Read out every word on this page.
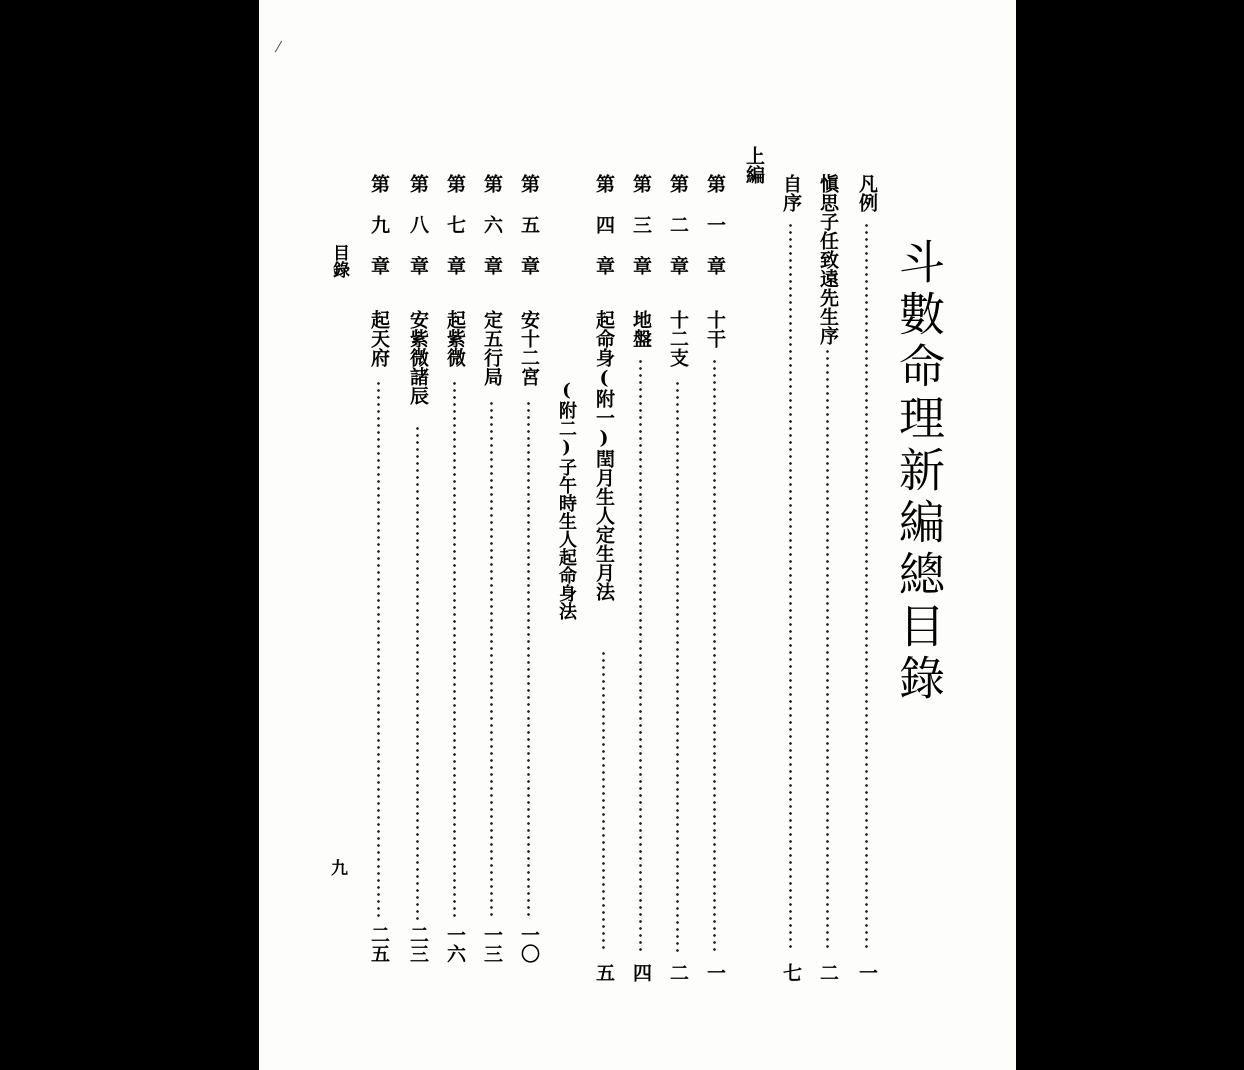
斗數命理新編總目錄
凡例
一
愼思子任致遠先生序
二
自序
七
上編
第一章
十干
一
第二章
十二支
二
第三章
地盤
四
第四章
起命身(附一)閏月生人定生月法
五
(附二)子午時生人起命身法
第五章
安十二宮
一〇
第六章
定五行局
一三
第七章
起紫微
一六
第八章
安紫微諸辰
二三
第九章
起天府
二五
目錄
九
